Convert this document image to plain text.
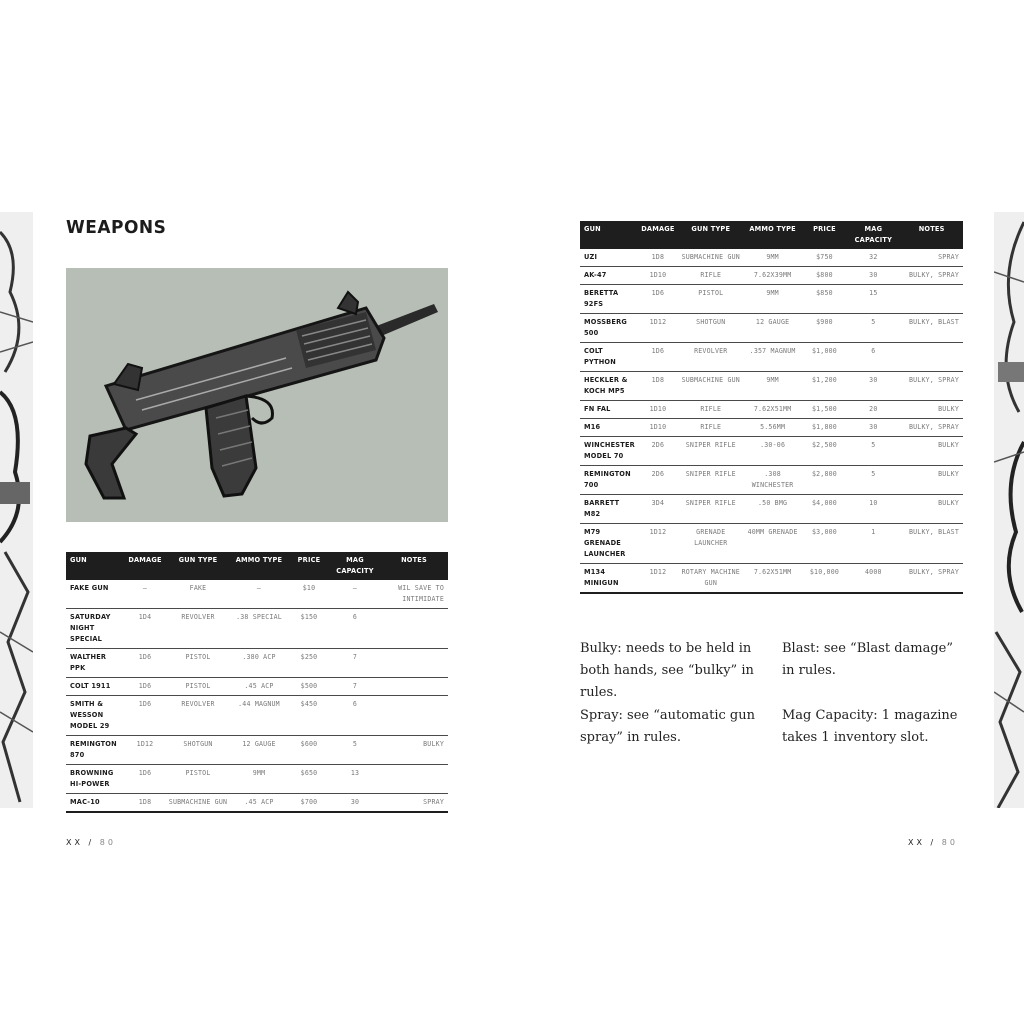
WEAPONS
GUN	DAMAGE	GUN TYPE	AMMO TYPE	PRICE	MAG CAPACITY	NOTES
FAKE GUN	–	FAKE	–	$10	–	WIL SAVE TO INTIMIDATE
SATURDAY NIGHT SPECIAL	1D4	REVOLVER	.38 SPECIAL	$150	6	
WALTHER PPK	1D6	PISTOL	.380 ACP	$250	7	
COLT 1911	1D6	PISTOL	.45 ACP	$500	7	
SMITH & WESSON MODEL 29	1D6	REVOLVER	.44 MAGNUM	$450	6	
REMINGTON 870	1D12	SHOTGUN	12 GAUGE	$600	5	BULKY
BROWNING HI-POWER	1D6	PISTOL	9MM	$650	13	
MAC-10	1D8	SUBMACHINE GUN	.45 ACP	$700	30	SPRAY
GUN	DAMAGE	GUN TYPE	AMMO TYPE	PRICE	MAG CAPACITY	NOTES
UZI	1D8	SUBMACHINE GUN	9MM	$750	32	SPRAY
AK-47	1D10	RIFLE	7.62X39MM	$800	30	BULKY, SPRAY
BERETTA 92FS	1D6	PISTOL	9MM	$850	15	
MOSSBERG 500	1D12	SHOTGUN	12 GAUGE	$900	5	BULKY, BLAST
COLT PYTHON	1D6	REVOLVER	.357 MAGNUM	$1,000	6	
HECKLER & KOCH MP5	1D8	SUBMACHINE GUN	9MM	$1,200	30	BULKY, SPRAY
FN FAL	1D10	RIFLE	7.62X51MM	$1,500	20	BULKY
M16	1D10	RIFLE	5.56MM	$1,800	30	BULKY, SPRAY
WINCHESTER MODEL 70	2D6	SNIPER RIFLE	.30-06	$2,500	5	BULKY
REMINGTON 700	2D6	SNIPER RIFLE	.308 WINCHESTER	$2,800	5	BULKY
BARRETT M82	3D4	SNIPER RIFLE	.50 BMG	$4,000	10	BULKY
M79 GRENADE LAUNCHER	1D12	GRENADE LAUNCHER	40MM GRENADE	$3,000	1	BULKY, BLAST
M134 MINIGUN	1D12	ROTARY MACHINE GUN	7.62X51MM	$10,000	4000	BULKY, SPRAY
Bulky: needs to be held in both hands, see “bulky” in rules.
Blast: see “Blast damage” in rules.
Spray: see “automatic gun spray” in rules.
Mag Capacity: 1 magazine takes 1 inventory slot.
XX / 80	XX / 80
